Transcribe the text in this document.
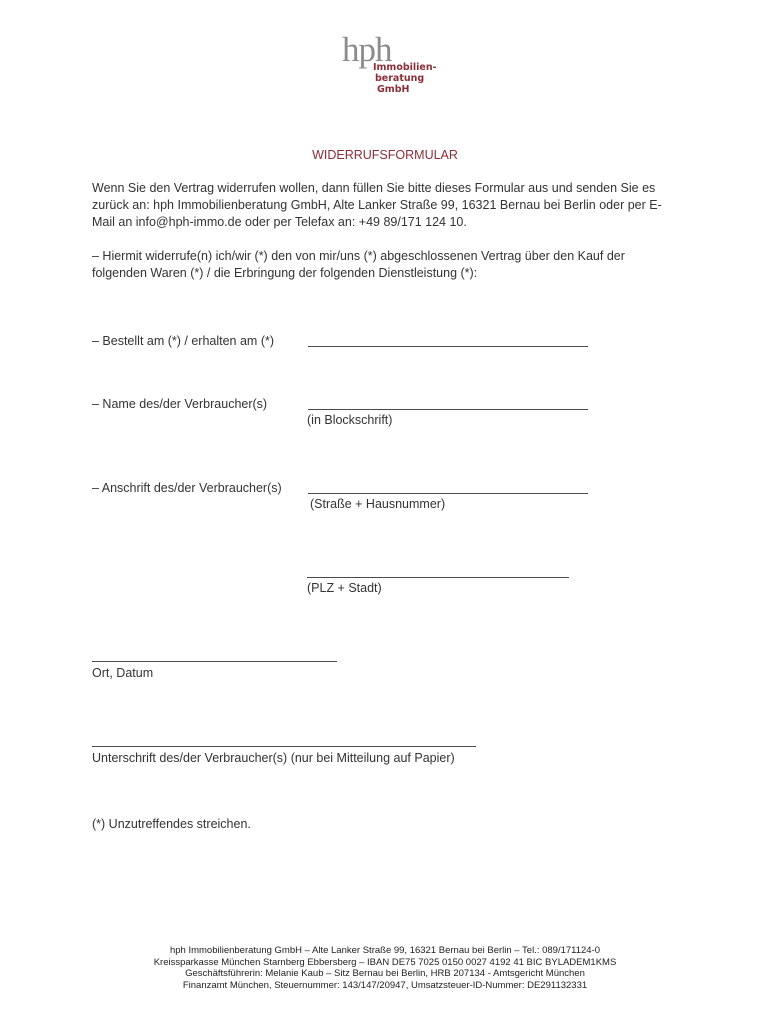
hph
Immobilien-
beratung
GmbH
WIDERRUFSFORMULAR
Wenn Sie den Vertrag widerrufen wollen, dann füllen Sie bitte dieses Formular aus und senden Sie es zurück an: hph Immobilienberatung GmbH, Alte Lanker Straße 99, 16321 Bernau bei Berlin oder per E-Mail an info@hph-immo.de oder per Telefax an: +49 89/171 124 10.
– Hiermit widerrufe(n) ich/wir (*) den von mir/uns (*) abgeschlossenen Vertrag über den Kauf der folgenden Waren (*) / die Erbringung der folgenden Dienstleistung (*):
– Bestellt am (*) / erhalten am (*)
– Name des/der Verbraucher(s)
(in Blockschrift)
– Anschrift des/der Verbraucher(s)
(Straße + Hausnummer)
(PLZ + Stadt)
Ort, Datum
Unterschrift des/der Verbraucher(s) (nur bei Mitteilung auf Papier)
(*) Unzutreffendes streichen.
hph Immobilienberatung GmbH – Alte Lanker Straße 99, 16321 Bernau bei Berlin – Tel.: 089/171124-0
Kreissparkasse München Starnberg Ebbersberg – IBAN DE75 7025 0150 0027 4192 41 BIC BYLADEM1KMS
Geschäftsführerin: Melanie Kaub – Sitz Bernau bei Berlin, HRB 207134 - Amtsgericht München
Finanzamt München, Steuernummer: 143/147/20947, Umsatzsteuer-ID-Nummer: DE291132331
